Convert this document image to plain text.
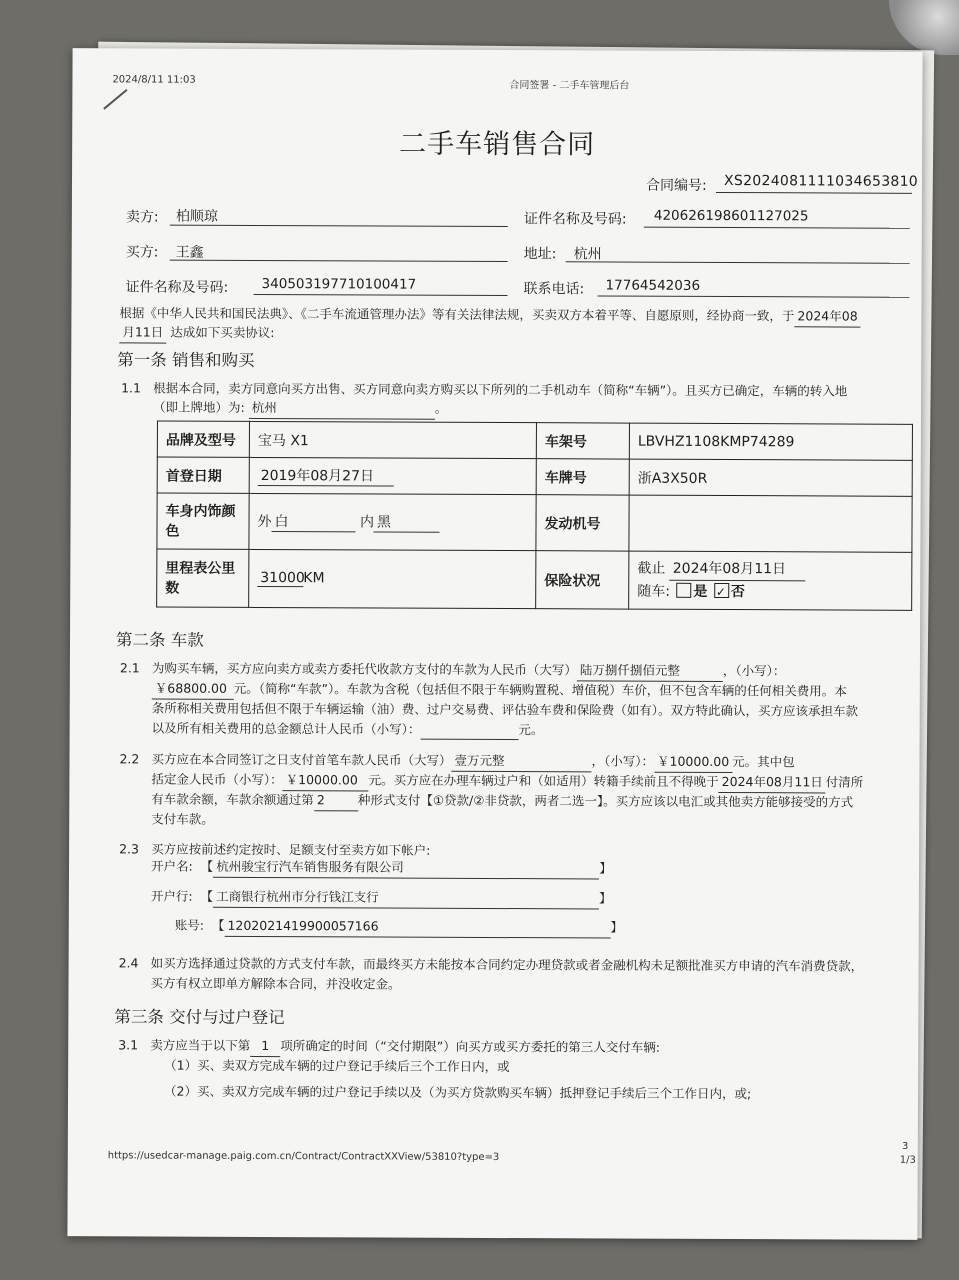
2024/8/11 11:03
合同签署 - 二手车管理后台
二手车销售合同
合同编号: XS2024081111034653810
卖方: 柏顺琼	证件名称及号码: 420626198601127025
买方: 王鑫	地址: 杭州
证件名称及号码: 340503197710100417	联系电话: 17764542036
根据《中华人民共和国民法典》、《二手车流通管理办法》等有关法律法规，买卖双方本着平等、自愿原则，经协商一致，于 2024年08
月11日 达成如下买卖协议:
第一条 销售和购买
1.1 根据本合同，卖方同意向买方出售、买方同意向卖方购买以下所列的二手机动车（简称“车辆”）。且买方已确定，车辆的转入地
（即上牌地）为: 杭州	。
品牌及型号	宝马 X1	车架号	LBVHZ1108KMP74289
首登日期	2019年08月27日	车牌号	浙A3X50R
车身内饰颜色	外 白 内 黑	发动机号	
里程表公里数	31000KM	保险状况	截止 2024年08月11日
随车: 是 ✓ 否
第二条 车款
2.1 为购买车辆，买方应向卖方或卖方委托代收款方支付的车款为人民币（大写） 陆万捌仟捌佰元整	，（小写）：
￥68800.00 元。（简称“车款”）。车款为含税（包括但不限于车辆购置税、增值税）车价，但不包含车辆的任何相关费用。本
条所称相关费用包括但不限于车辆运输（油）费、过户交易费、评估验车费和保险费（如有）。双方特此确认，买方应该承担车款
以及所有相关费用的总金额总计人民币（小写）：	元。
2.2 买方应在本合同签订之日支付首笔车款人民币（大写） 壹万元整	，（小写）： ￥10000.00 元。其中包
括定金人民币（小写）： ￥10000.00 元。买方应在办理车辆过户和（如适用）转籍手续前且不得晚于 2024年08月11日 付清所
有车款余额，车款余额通过第 2	种形式支付【①贷款/②非贷款，两者二选一】。买方应该以电汇或其他卖方能够接受的方式
支付车款。
2.3 买方应按前述约定按时、足额支付至卖方如下帐户:
开户名: 【 杭州骏宝行汽车销售服务有限公司	】
开户行: 【 工商银行杭州市分行钱江支行	】
账号: 【 1202021419900057166	】
2.4 如买方选择通过贷款的方式支付车款，而最终买方未能按本合同约定办理贷款或者金融机构未足额批准买方申请的汽车消费贷款，
买方有权立即单方解除本合同，并没收定金。
第三条 交付与过户登记
3.1 卖方应当于以下第 1 项所确定的时间（“交付期限”）向买方或买方委托的第三人交付车辆:
（1）买、卖双方完成车辆的过户登记手续后三个工作日内，或
（2）买、卖双方完成车辆的过户登记手续以及（为买方贷款购买车辆）抵押登记手续后三个工作日内，或;
https://usedcar-manage.paig.com.cn/Contract/ContractXXView/53810?type=3	1/3
3
